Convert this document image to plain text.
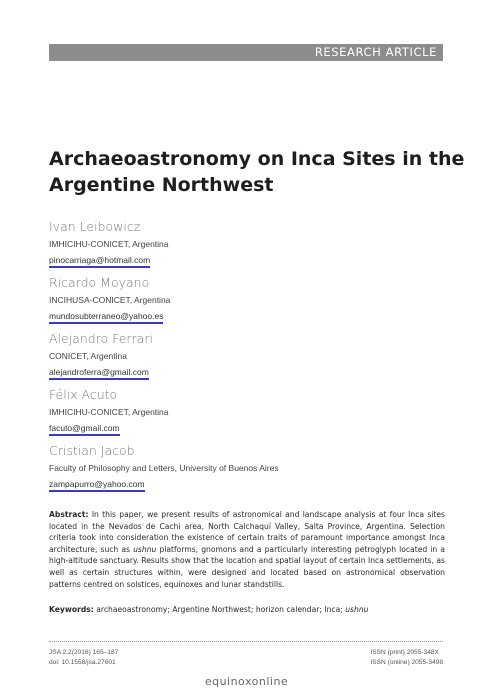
RESEARCH ARTICLE
Archaeoastronomy on Inca Sites in the Argentine Northwest
Ivan Leibowicz
IMHICIHU-CONICET, Argentina
pinocarriaga@hotmail.com
Ricardo Moyano
INCIHUSA-CONICET, Argentina
mundosubterraneo@yahoo.es
Alejandro Ferrari
CONICET, Argentina
alejandroferra@gmail.com
Félix Acuto
IMHICIHU-CONICET, Argentina
facuto@gmail.com
Cristian Jacob
Faculty of Philosophy and Letters, University of Buenos Aires
zampapurro@yahoo.com

Abstract: In this paper, we present results of astronomical and landscape analysis at four Inca sites located in the Nevados de Cachi area, North Calchaquí Valley, Salta Province, Argentina. Selection criteria took into consideration the existence of certain traits of paramount importance amongst Inca architecture, such as ushnu platforms, gnomons and a particularly interesting petroglyph located in a high-altitude sanctuary. Results show that the location and spatial layout of certain Inca settlements, as well as certain structures within, were designed and located based on astronomical observation patterns centred on solstices, equinoxes and lunar standstills.

Keywords: archaeoastronomy; Argentine Northwest; horizon calendar; Inca; ushnu

JSA 2.2(2016) 165–187
doi: 10.1558/jsa.27601
ISSN (print) 2055-348X
ISSN (online) 2055-3498
equinoxonline
